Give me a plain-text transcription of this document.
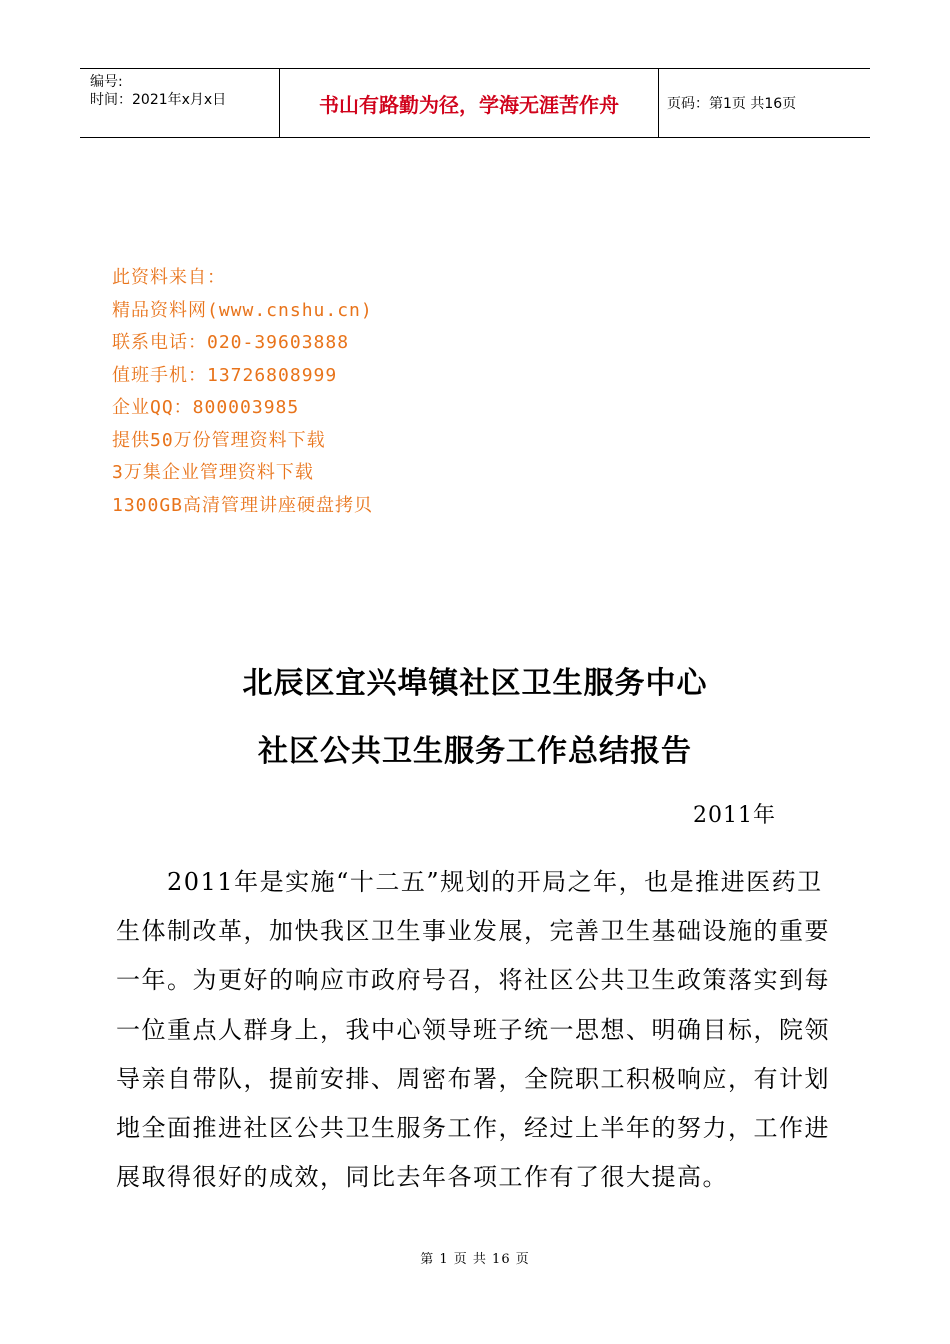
编号:
时间：2021年x月x日	书山有路勤为径，学海无涯苦作舟	页码：第1页 共16页
此资料来自：
精品资料网(www.cnshu.cn)
联系电话：020-39603888
值班手机：13726808999
企业QQ：800003985
提供50万份管理资料下载
3万集企业管理资料下载
1300GB高清管理讲座硬盘拷贝
北辰区宜兴埠镇社区卫生服务中心
社区公共卫生服务工作总结报告
2011年
　　2011年是实施“十二五”规划的开局之年，也是推进医药卫
生体制改革，加快我区卫生事业发展，完善卫生基础设施的重要
一年。为更好的响应市政府号召，将社区公共卫生政策落实到每
一位重点人群身上，我中心领导班子统一思想、明确目标，院领
导亲自带队，提前安排、周密布署，全院职工积极响应，有计划
地全面推进社区公共卫生服务工作，经过上半年的努力，工作进
展取得很好的成效，同比去年各项工作有了很大提高。
第 1 页 共 16 页
